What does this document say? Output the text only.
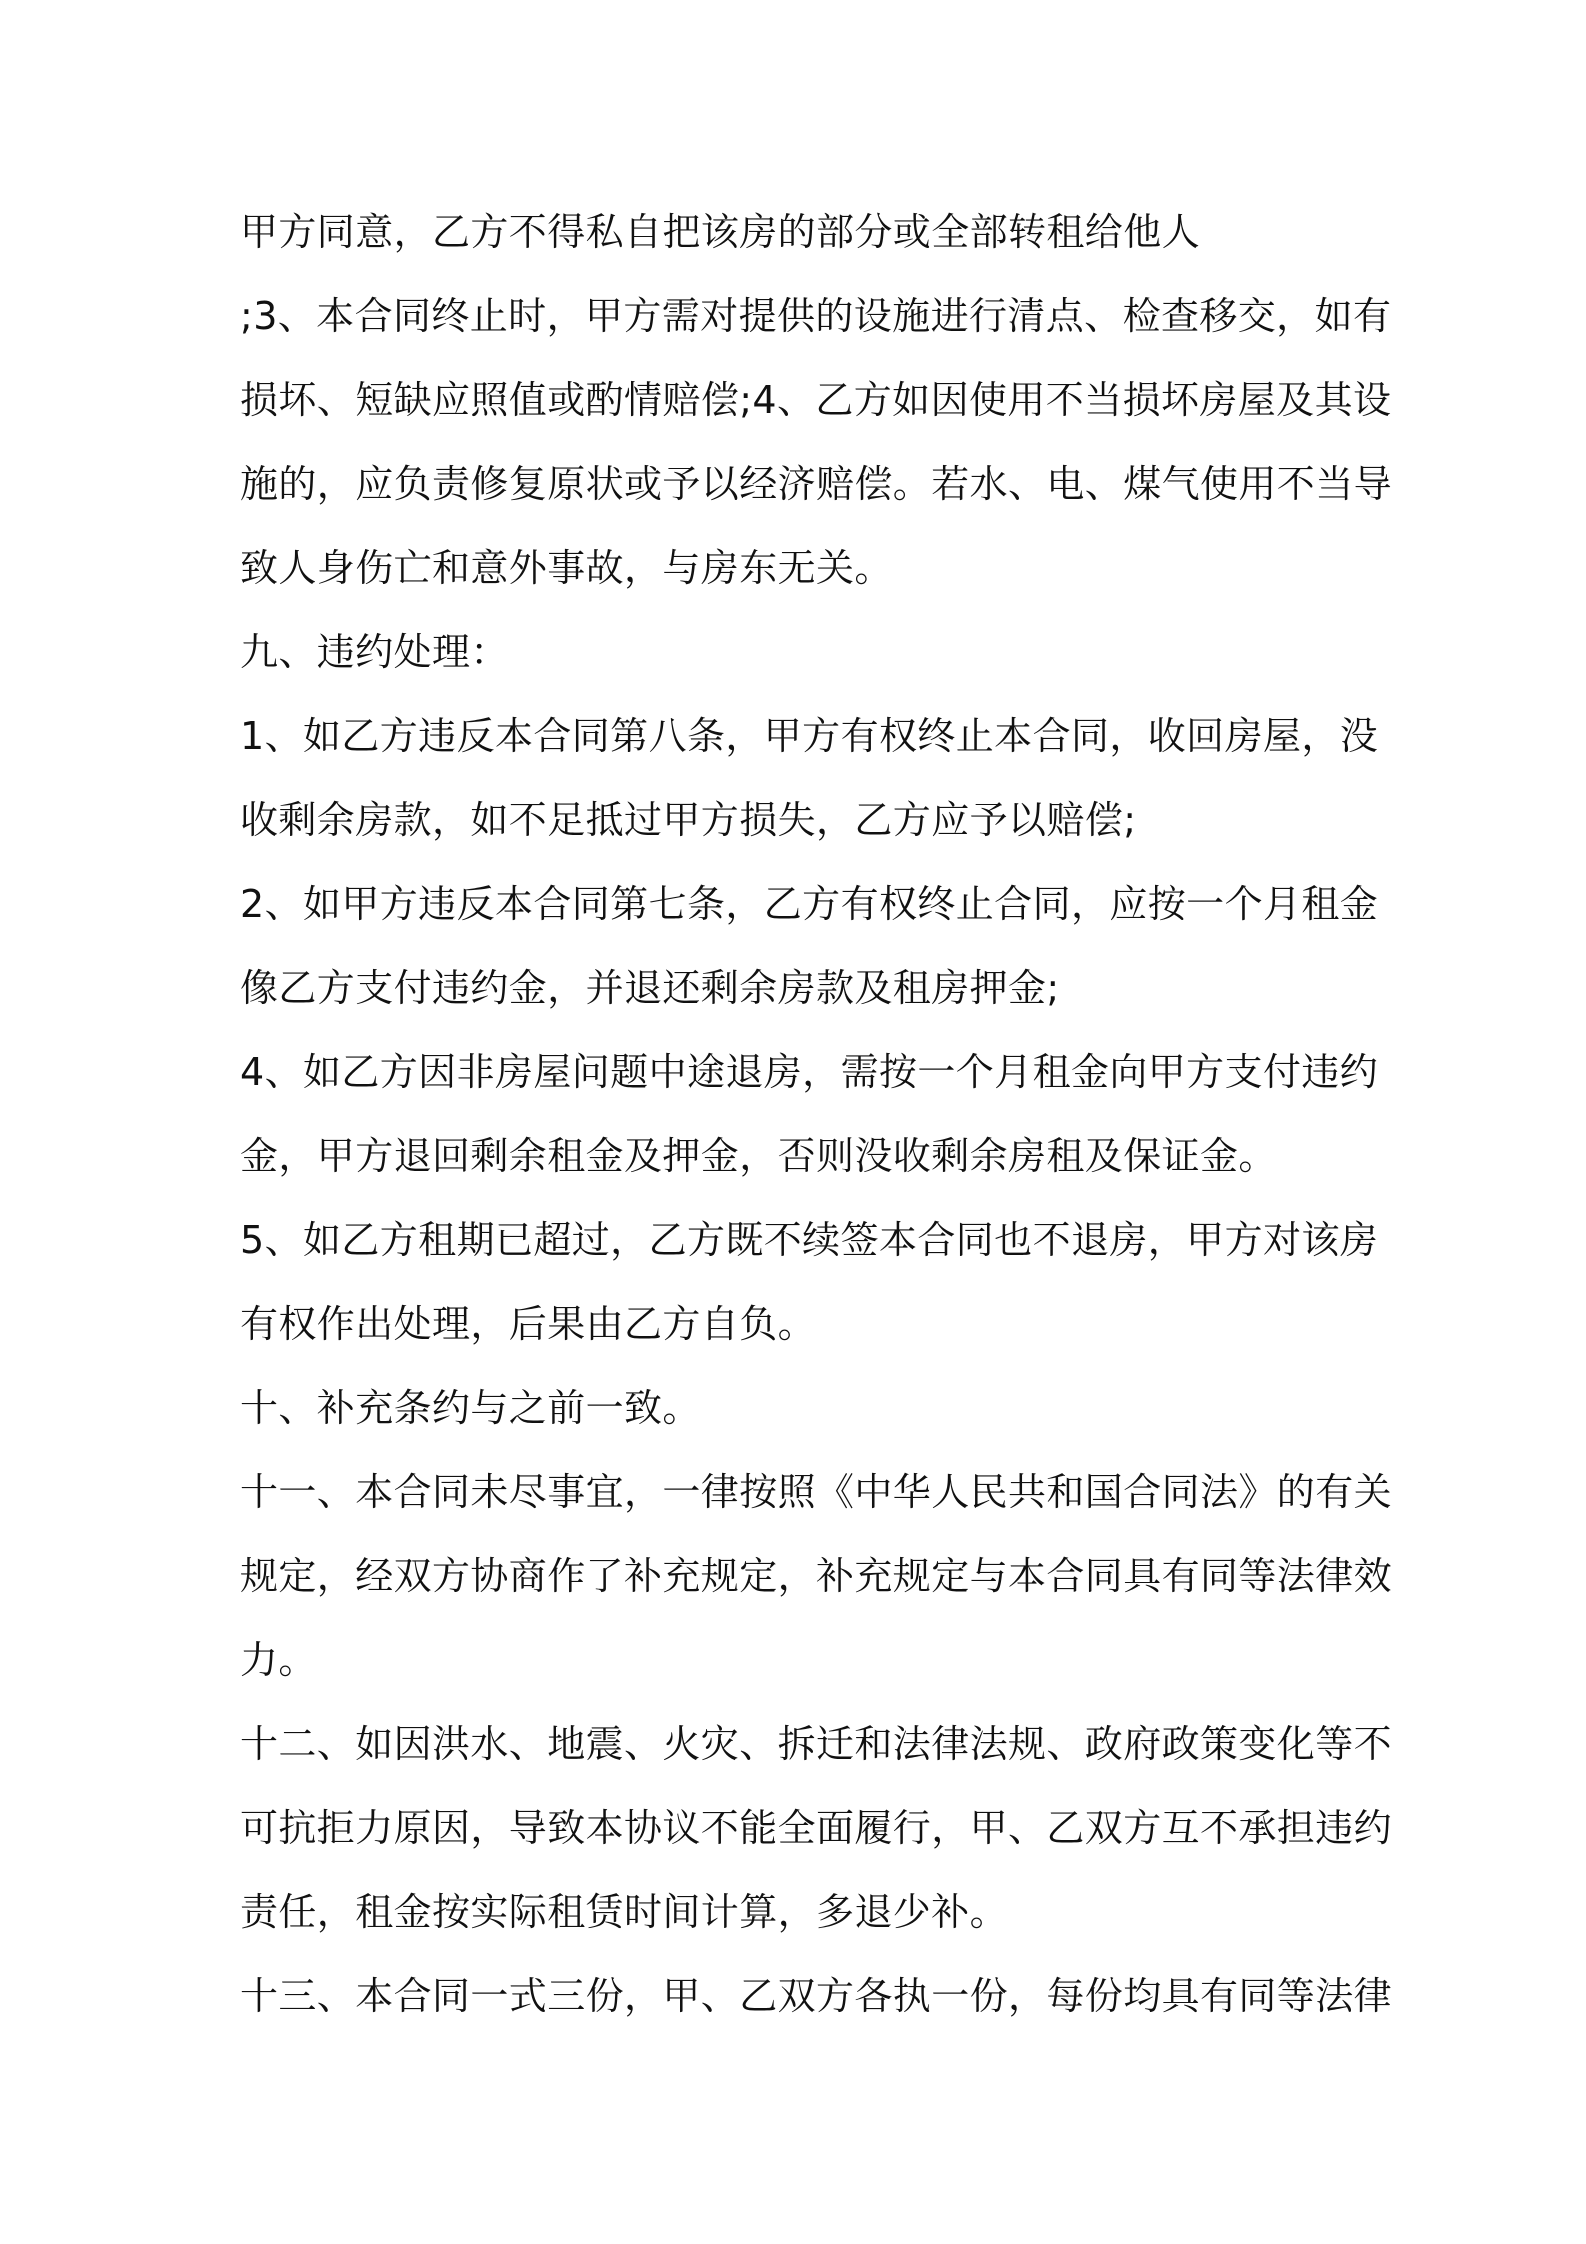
甲方同意，乙方不得私自把该房的部分或全部转租给他人
;3、本合同终止时，甲方需对提供的设施进行清点、检查移交，如有
损坏、短缺应照值或酌情赔偿;4、乙方如因使用不当损坏房屋及其设
施的，应负责修复原状或予以经济赔偿。若水、电、煤气使用不当导
致人身伤亡和意外事故，与房东无关。
九、违约处理：
1、如乙方违反本合同第八条，甲方有权终止本合同，收回房屋，没
收剩余房款，如不足抵过甲方损失，乙方应予以赔偿;
2、如甲方违反本合同第七条，乙方有权终止合同，应按一个月租金
像乙方支付违约金，并退还剩余房款及租房押金;
4、如乙方因非房屋问题中途退房，需按一个月租金向甲方支付违约
金，甲方退回剩余租金及押金，否则没收剩余房租及保证金。
5、如乙方租期已超过，乙方既不续签本合同也不退房，甲方对该房
有权作出处理，后果由乙方自负。
十、补充条约与之前一致。
十一、本合同未尽事宜，一律按照《中华人民共和国合同法》的有关
规定，经双方协商作了补充规定，补充规定与本合同具有同等法律效
力。
十二、如因洪水、地震、火灾、拆迁和法律法规、政府政策变化等不
可抗拒力原因，导致本协议不能全面履行，甲、乙双方互不承担违约
责任，租金按实际租赁时间计算，多退少补。
十三、本合同一式三份，甲、乙双方各执一份，每份均具有同等法律
